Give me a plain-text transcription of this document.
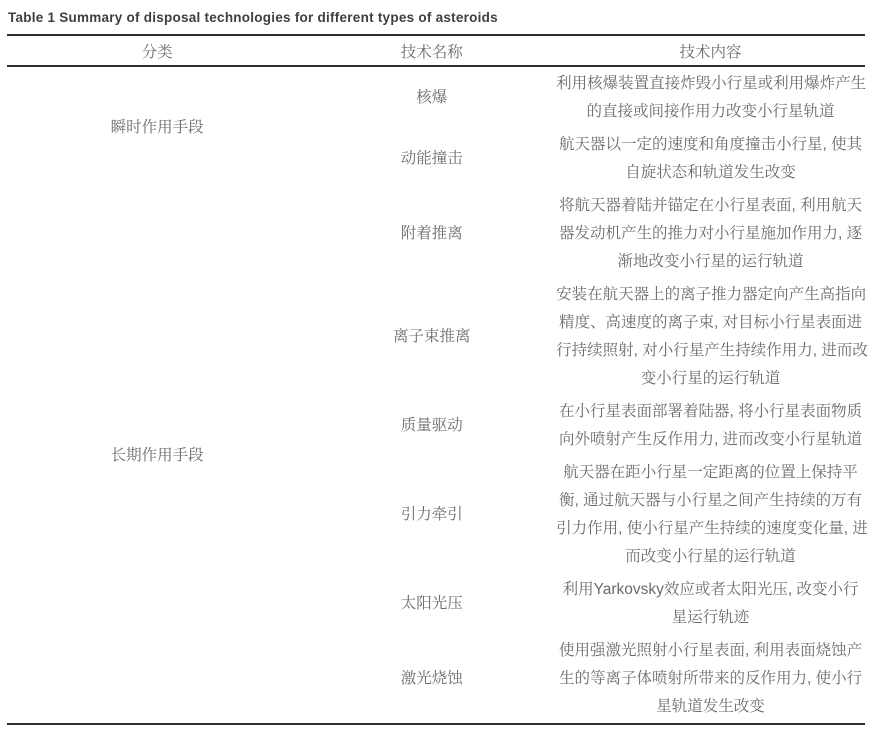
Table 1 Summary of disposal technologies for different types of asteroids
分类	技术名称	技术内容
瞬时作用手段	核爆	利用核爆装置直接炸毁小行星或利用爆炸产生
的直接或间接作用力改变小行星轨道

	动能撞击	航天器以一定的速度和角度撞击小行星, 使其
自旋状态和轨道发生改变

长期作用手段	附着推离	将航天器着陆并锚定在小行星表面, 利用航天
器发动机产生的推力对小行星施加作用力, 逐
渐地改变小行星的运行轨道

	离子束推离	安装在航天器上的离子推力器定向产生高指向
精度、高速度的离子束, 对目标小行星表面进
行持续照射, 对小行星产生持续作用力, 进而改
变小行星的运行轨道

	质量驱动	在小行星表面部署着陆器, 将小行星表面物质
向外喷射产生反作用力, 进而改变小行星轨道

	引力牵引	航天器在距小行星一定距离的位置上保持平
衡, 通过航天器与小行星之间产生持续的万有
引力作用, 使小行星产生持续的速度变化量, 进
而改变小行星的运行轨道

	太阳光压	利用Yarkovsky效应或者太阳光压, 改变小行
星运行轨迹

	激光烧蚀	使用强激光照射小行星表面, 利用表面烧蚀产
生的等离子体喷射所带来的反作用力, 使小行
星轨道发生改变
